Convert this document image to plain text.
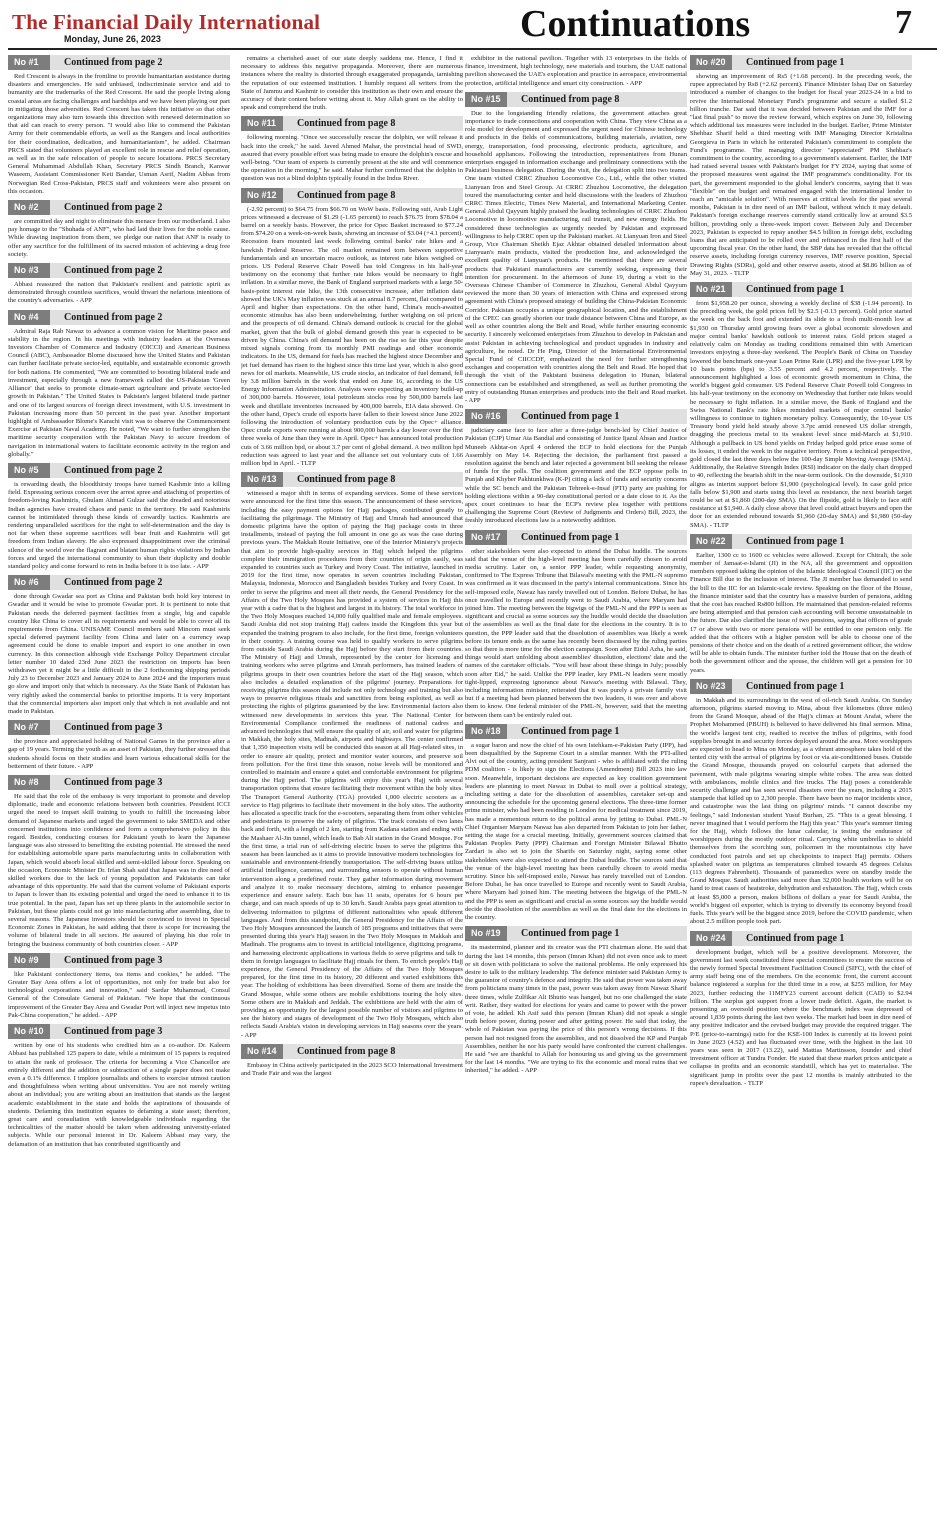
The Financial Daily International
Monday, June 26, 2023	Continuations	7
No #1	Continued from page 2
Red Crescent is always in the frontline to provide humanitarian assistance during disasters and emergencies. He said unbiased, indiscriminate service and aid to humanity are the trademarks of the Red Crescent. He said the people living along coastal areas are facing challenges and hardships and we have been playing our part in mitigating those adversities. Red Crescent has taken this initiative so that other organizations may also turn towards this direction with renewed determination so that aid can reach to every person. "I would also like to commend the Pakistan Army for their commendable efforts, as well as the Rangers and local authorities for their coordination, dedication, and humanitarianism", he added. Chairman PRCS stated that volunteers played an excellent role in rescue and relief operation, as well as in the safe relocation of people to secure locations. PRCS Secretary General Muhammad Abdullah Khan, Secretary PRCS Sindh Branch, Kanwar Waseem, Assistant Commissioner Keti Bandar, Usman Asrif, Nadim Abbas from Norwegian Red Cross-Pakistan, PRCS staff and volunteers were also present on this occasion.
No #2	Continued from page 2
are committed day and night to eliminate this menace from our motherland. I also pay homage to the "Shuhada of ANF", who had laid their lives for the noble cause. While drawing inspiration from them, we pledge our nation that ANF is ready to offer any sacrifice for the fulfillment of its sacred mission of achieving a drug free society.
No #3	Continued from page 2
Abbasi reassured the nation that Pakistan's resilient and patriotic spirit as demonstrated through countless sacrifices, would thwart the nefarious intentions of the country's adversaries. - APP
No #4	Continued from page 2
Admiral Raja Rab Nawaz to advance a common vision for Maritime peace and stability in the region. In his meetings with industry leaders at the Overseas Investors Chamber of Commerce and Industry (OICCI) and American Business Council (ABC), Ambassador Blome discussed how the United States and Pakistan can further facilitate private sector-led, equitable, and sustainable economic growth for both nations. He commented, "We are committed to boosting bilateral trade and investment, especially through a new framework called the US-Pakistan 'Green Alliance' that seeks to promote climate-smart agriculture and private sector-led growth in Pakistan." The United States is Pakistan's largest bilateral trade partner and one of its largest sources of foreign direct investment, with U.S. investment in Pakistan increasing more than 50 percent in the past year. Another important highlight of Ambassador Blome's Karachi visit was to observe the Commencement Exercise at Pakistan Naval Academy. He noted, "We want to further strengthen the maritime security cooperation with the Pakistan Navy to secure freedom of navigation in international waters to facilitate economic activity in the region and globally."
No #5	Continued from page 2
is rewarding death, the bloodthirsty troops have turned Kashmir into a killing field. Expressing serious concern over the arrest spree and attaching of properties of freedom-loving Kashmiris, Ghulam Ahmad Gulzar said the dreaded and notorious Indian agencies have created chaos and panic in the territory. He said Kashmiris cannot be intimidated through these kinds of cowardly tactics. Kashmiris are rendering unparalleled sacrifices for the right to self-determination and the day is not far when these supreme sacrifices will bear fruit and Kashmiris will get freedom from Indian slavery. He also expressed disappointment over the criminal silence of the world over the flagrant and blatant human rights violations by Indian forces and urged the international community to shun their duplicity and double standard policy and come forward to rein in India before it is too late. - APP
No #6	Continued from page 2
done through Gwadar sea port as China and Pakistan both hold key interest in Gwadar and it would be wise to promote Gwadar port. It is pertinent to note that Pakistan needs the deferred payment facilities from a single, big and capable country like China to cover all its requirements and would be able to cover all its requirements from China. UNISAME Council members said Mincom must seek special deferred payment facility from China and later on a currency swap agreement could be done to enable import and export to one another in own currency. In this connection although vide Exchange Policy Department circular letter number 10 dated 23rd June 2023 the restriction on imports has been withdrawn yet it might be a little difficult in the 2 forthcoming shipping periods July 23 to December 2023 and January 2024 to June 2024 and the importers must go slow and import only that which is necessary. As the State Bank of Pakistan has very rightly asked the commercial banks to prioritise imports. It is very important that the commercial importers also import only that which is not available and not made in Pakistan.
No #7	Continued from page 3
the province and appreciated holding of National Games in the province after a gap of 19 years. Terming the youth as an asset of Pakistan, they further stressed that students should focus on their studies and learn various educational skills for the betterment of their future. - APP
No #8	Continued from page 3
He said that the role of the embassy is very important to promote and develop diplomatic, trade and economic relations between both countries. President ICCI urged the need to impart skill training to youth to fulfill the increasing labor demand of Japanese markets and urged the government to take SMEDA and other concerned institutions into confidence and form a comprehensive policy in this regard. Besides, conducting courses for Pakistani youth to learn the Japanese language was also stressed to benefiting the existing potential. He stressed the need for establishing automobile spare parts manufacturing units in collaboration with Japan, which would absorb local skilled and semi-skilled labour force. Speaking on the occasion, Economic Minister Dr. Irfan Shah said that Japan was in dire need of skilled workers due to the lack of young population and Pakistanis can take advantage of this opportunity. He said that the current volume of Pakistani exports to Japan is lower than its existing potential and urged the need to enhance it to its true potential. In the past, Japan has set up three plants in the automobile sector in Pakistan, but these plants could not go into manufacturing after assembling, due to several reasons. The Japanese investors should be convinced to invest in Special Economic Zones in Pakistan, he said adding that there is scope for increasing the volume of bilateral trade in all sectors. He assured of playing his due role in bringing the business community of both countries closer. - APP
No #9	Continued from page 3
like Pakistani confectionery items, tea items and cookies," he added. "The Greater Bay Area offers a lot of opportunities, not only for trade but also for technological corporations and innovation," said Sardar Muhammad, Consul General of the Consulate General of Pakistan. "We hope that the continuous improvement of the Greater Bay Area and Gwadar Port will inject new impetus into Pak-China cooperation," he added. - APP
No #10	Continued from page 3
written by one of his students who credited him as a co-author. Dr. Kaleem Abbasi has published 125 papers to date, while a minimum of 15 papers is required to attain the rank of professor. The criteria for becoming a Vice Chancellor are entirely different and the addition or subtraction of a single paper does not make even a 0.1% difference. I implore journalists and others to exercise utmost caution and thoughtfulness when writing about universities. You are not merely writing about an individual; you are writing about an institution that stands as the largest academic establishment in the state and holds the aspirations of thousands of students. Defaming this institution equates to defaming a state asset; therefore, great care and consultation with knowledgeable individuals regarding the technicalities of the matter should be taken when addressing university-related subjects. While our personal interest in Dr. Kaleem Abbasi may vary, the defamation of an institution that has contributed significantly and
remains a cherished asset of our state deeply saddens me. Hence, I find it necessary to address this negative propaganda. Moreover, there are numerous instances where the reality is distorted through exaggerated propaganda, tarnishing the reputation of our esteemed institution. I humbly request all writers from the State of Jammu and Kashmir to consider this institution as their own and ensure the accuracy of their content before writing about it. May Allah grant us the ability to speak and comprehend the truth.
No #11	Continued from page 8
following morning. "Once we successfully rescue the dolphin, we will release it back into the creek," he said. Javed Ahmed Mahar, the provincial head of SWD, assured that every possible effort was being made to ensure the dolphin's rescue and well-being. "Our team of experts is currently present at the site and will commence the operation in the morning," he said. Mahar further confirmed that the dolphin in question was not a blind dolphin typically found in the Indus River.
No #12	Continued from page 8
(-2.92 percent) to $64.75 from $66.70 on WoW basis. Following suit, Arab Light prices witnessed a decrease of $1.29 (-1.65 percent) to reach $76.75 from $78.04 a barrel on a weekly basis. However, the price for Opec Basket increased to $77.24 from $74.20 on a week-on-week basis, showing an increase of $3.04 (+4.1 percent). Recession fears mounted last week following central banks' rate hikes and a hawkish Federal Reserve. The oil market remained torn between supportive fundamentals and an uncertain macro outlook, as interest rate hikes weighed on prices. US Federal Reserve Chair Powell has told Congress in his half-year testimony on the economy that further rate hikes would be necessary to fight inflation. In a similar move, the Bank of England surprised markets with a large 50-basis-point interest rate hike, the 13th consecutive increase, after inflation data showed the UK's May inflation was stuck at an annual 8.7 percent, flat compared to April and higher than expectations. On the other hand, China's much-awaited economic stimulus has also been underwhelming, further weighing on oil prices and the prospects of oil demand. China's demand outlook is crucial for the global market, given that the bulk of global demand growth this year is expected to be driven by China. China's oil demand has been on the rise so far this year despite mixed signals coming from its monthly PMI readings and other economic indicators. In the US, demand for fuels has reached the highest since December and jet fuel demand has risen to the highest since this time last year, which is also good news for oil markets. Meanwhile, US crude stocks, an indicator of fuel demand, fell by 3.8 million barrels in the week that ended on June 16, according to the US Energy Information Administration. Analysts were expecting an inventory build-up of 300,000 barrels. However, total petroleum stocks rose by 500,000 barrels last week and distillate inventories increased by 400,000 barrels, EIA data showed. On the other hand, Opec's crude oil exports have fallen to their lowest since June 2022 following the introduction of voluntary production cuts by the Opec+ alliance. Opec crude exports were running at about 900,000 barrels a day lower over the first three weeks of June than they were in April. Opec+ has announced total production cuts of 3.66 million bpd, or about 3.7 per cent of global demand. A two million bpd reduction was agreed to last year and the alliance set out voluntary cuts of 1.66 million bpd in April. - TLTP
No #13	Continued from page 8
witnessed a major shift in terms of expanding services. Some of these services were announced for the first time this season. The announcement of these services, including the easy payment options for Hajj packages, contributed greatly to facilitating the pilgrimage. The Ministry of Hajj and Umrah had announced that domestic pilgrims have the option of paying the Hajj package costs in three installments, instead of paying the full amount in one go as was the case during previous years. The Makkah Route Initiative, one of the Interior Ministry's projects that aim to provide high-quality services in Hajj which helped the pilgrims complete their immigration procedures from their countries of origin easily, was expanded to countries such as Turkey and Ivory Coast. The initiative, launched in 2019 for the first time, now operates in seven countries including Pakistan, Malaysia, Indonesia, Morocco and Bangladesh besides Turkey and Ivory Coast. In order to serve the pilgrims and meet all their needs, the General Presidency for the Affairs of the Two Holy Mosques has provided a system of services in Hajj this year with a cadre that is the highest and largest in its history. The total workforce in the Two Holy Mosques reached 14,000 fully qualified male and female employees. Saudi Arabia did not stop training Hajj cadres inside the Kingdom this year but expanded the training program to also include, for the first time, foreign volunteers in their country. A training course was held to qualify workers to serve pilgrims from outside Saudi Arabia during the Hajj before they start from their countries. The Ministry of Hajj and Umrah, represented by the center for licensing and training workers who serve pilgrims and Umrah performers, has trained leaders of pilgrims groups in their own countries before the start of the Hajj season, which also includes a detailed explanation of the pilgrims' journey. Preparations for receiving pilgrims this season did include not only technology and training but also ways to preserve religious rituals and sanctities from being exploited, as well as protecting the rights of pilgrims guaranteed by the law. Environmental factors also witnessed new developments in services this year. The National Center for Environmental Compliance confirmed the readiness of national cadres and advanced technologies that will ensure the quality of air, soil and water for pilgrims in Makkah, the holy sites, Madinah, airports and highways. The center confirmed that 1,350 inspection visits will be conducted this season at all Hajj-related sites, in order to ensure air quality, protect and monitor water sources, and preserve soil from pollution. For the first time this season, noise levels will be monitored and controlled to maintain and ensure a quiet and comfortable environment for pilgrims during the Hajj period. The pilgrims will enjoy this year's Hajj with several transportation options that ensure facilitating their movement within the holy sites. The Transport General Authority (TGA) provided 1,000 electric scooters as a service to Hajj pilgrims to facilitate their movement in the holy sites. The authority has allocated a specific track for the e-scooters, separating them from other vehicles and pedestrians to preserve the safety of pilgrims. The track consists of two lanes back and forth, with a length of 2 km, starting from Kadana station and ending with the Mashaer Al-Jin tunnel, which leads to Bab Ali station in the Grand Mosque. For the first time, a trial run of self-driving electric buses to serve the pilgrims this season has been launched as it aims to provide innovative modern technologies for sustainable and environment-friendly transportation. The self-driving buses utilize artificial intelligence, cameras, and surrounding sensors to operate without human intervention along a predefined route. They gather information during movement and analyze it to make necessary decisions, aiming to enhance passenger experience and ensure safety. Each bus has 11 seats, operates for 6 hours per charge, and can reach speeds of up to 30 km/h. Saudi Arabia pays great attention to delivering information to pilgrims of different nationalities who speak different languages. And from this standpoint, the General Presidency for the Affairs of the Two Holy Mosques announced the launch of 185 programs and initiatives that were presented during this year's Hajj season in the Two Holy Mosques in Makkah and Madinah. The programs aim to invest in artificial intelligence, digitizing programs, and harnessing electronic applications in various fields to serve pilgrims and talk to them in foreign languages to facilitate Hajj rituals for them. To enrich people's Hajj experience, the General Presidency of the Affairs of the Two Holy Mosques prepared, for the first time in its history, 20 different and varied exhibitions this year. The holding of exhibitions has been diversified. Some of them are inside the Grand Mosque, while some others are mobile exhibitions touring the holy sites. Some others are in Makkah and Jeddah. The exhibitions are held with the aim of providing an opportunity for the largest possible number of visitors and pilgrims to see the history and stages of development of the Two Holy Mosques, which also reflects Saudi Arabia's vision in developing services in Hajj seasons over the years. - APP
No #14	Continued from page 8
Embassy in China actively participated in the 2023 SCO International Investment and Trade Fair and was the largest
exhibitor in the national pavilion. Together with 13 enterprises in the fields of finance, investment, high technology, new materials and tourism, the UAE national pavilion showcased the UAE's exploration and practice in aerospace, environmental protection, artificial intelligence and smart city construction. - APP
No #15	Continued from page 8
Due to the longstanding friendly relations, the government attaches great importance to trade connections and cooperation with China. They view China as a role model for development and expressed the urgent need for Chinese technology and products in the fields of communications, building materials, aviation, new energy, transportation, food processing, electronic products, agriculture, and household appliances. Following the introduction, representatives from Hunan enterprises engaged in information exchange and preliminary connections with the Pakistani business delegation. During the visit, the delegation split into two teams. One team visited CRRC Zhuzhou Locomotive Co., Ltd., while the other visited Lianyuan Iron and Steel Group. At CRRC Zhuzhou Locomotive, the delegation toured the manufacturing center and held discussions with the leaders of Zhuzhou CRRC Times Electric, Times New Material, and International Marketing Center. General Abdul Qayyum highly praised the leading technologies of CRRC Zhuzhou Locomotive in locomotive manufacturing, rail transit, and new energy fields. He considered these technologies as urgently needed by Pakistan and expressed willingness to help CRRC open up the Pakistani market. At Lianyuan Iron and Steel Group, Vice Chairman Sheikh Ejaz Akhtar obtained detailed information about Lianyuan's main products, visited the production line, and acknowledged the excellent quality of Lianyuan's products. He mentioned that there are several products that Pakistani manufacturers are currently seeking, expressing their intention for procurement. In the afternoon of June 19, during a visit to the Overseas Chinese Chamber of Commerce in Zhuzhou, General Abdul Qayyum reviewed the more than 30 years of interaction with China and expressed strong agreement with China's proposed strategy of building the China-Pakistan Economic Corridor. Pakistan occupies a unique geographical location, and the establishment of the CPEC can greatly shorten our trade distance between China and Europe, as well as other countries along the Belt and Road, while further ensuring economic security. I sincerely welcomed enterprises from Zhuzhou to develop in Pakistan and assist Pakistan in achieving technological and product upgrades in industry and agriculture, he noted. Dr He Ping, Director of the International Environmental Special Fund of CIICCDF, emphasized the need for further strengthening exchanges and cooperation with countries along the Belt and Road. He hoped that through the visit of the Pakistani business delegation to Hunan, bilateral connections can be established and strengthened, as well as further promoting the entry of outstanding Hunan enterprises and products into the Belt and Road market. - APP
No #16	Continued from page 1
judiciary came face to face after a three-judge bench-led by Chief Justice of Pakistan (CJP) Umar Ata Bandial and consisting of Justice Ijazul Ahsan and Justice Muneeb Akhtar-on April 4 ordered the ECP to hold elections for the Punjab Assembly on May 14. Rejecting the decision, the parliament first passed a resolution against the bench and later rejected a government bill seeking the release of funds for the polls. The coalition government and the ECP oppose polls in Punjab and Khyber Pakhtunkhwa (K-P) citing a lack of funds and security concerns while the SC bench and the Pakistan Tehreek-e-Insaf (PTI) party are pushing for holding elections within a 90-day constitutional period or a date close to it. As the apex court continues to hear the ECP's review plea together with petitions challenging the Supreme Court (Review of Judgments and Orders) Bill, 2023, the freshly introduced elections law is a noteworthy addition.
No #17	Continued from page 1
other stakeholders were also expected to attend the Dubai huddle. The sources said that the venue of the high-level meeting has been carefully chosen to avoid media scrutiny. Later on, a senior PPP leader, while requesting anonymity, confirmed to The Express Tribune that Bilawal's meeting with the PML-N supremo was confirmed as it was discussed in the party's internal communications. Since his self-imposed exile, Nawaz has rarely travelled out of London. Before Dubai, he has once travelled to Europe and recently went to Saudi Arabia, where Maryam had joined him. The meeting between the bigwigs of the PML-N and the PPP is seen as significant and crucial as some sources say the huddle would decide the dissolution of the assemblies as well as the final date for the elections in the country. It is to question, the PPP leader said that the dissolution of assemblies was likely a week before its tenure ends as the same has recently been discussed by the ruling parties so that there is more time for the election campaign. Soon after Eidul Azha, he said, things would start unfolding about assemblies' dissolution, elections' date and the names of the caretaker officials. "You will hear about these things in July; possibly soon after Eid," he said. Unlike the PPP leader, key PML-N leaders were mostly tight-lipped, expressing ignorance about Nawaz's meeting with Bilawal. They, including information minister, reiterated that it was purely a private family visit but if a meeting had been planned between the two leaders, it was over and above them to know. One federal minister of the PML-N, however, said that the meeting between them can't be entirely ruled out.
No #18	Continued from page 1
a sugar baron and now the chief of his own Istehkam-e-Pakistan Party (IPP), had been disqualified by the Supreme Court in a similar manner. With the PTI-allied Alvi out of the country, acting president Sanjrani - who is affiliated with the ruling PDM coalition - is likely to sign the Elections (Amendment) Bill 2023 into law soon. Meanwhile, important decisions are expected as key coalition government leaders are planning to meet Nawaz in Dubai to mull over a political strategy, including setting a date for the dissolution of assemblies, caretaker set-up and announcing the schedule for the upcoming general elections. The three-time former prime minister, who had been residing in London for medical treatment since 2019, has made a momentous return to the political arena by jetting to Dubai. PML-N Chief Organiser Maryam Nawaz has also departed from Pakistan to join her father, setting the stage for a crucial meeting. Initially, government sources claimed that Pakistan Peoples Party (PPP) Chairman and Foreign Minister Bilawal Bhutto Zardari is also set to join the Sharifs on Saturday night, saying some other stakeholders were also expected to attend the Dubai huddle. The sources said that the venue of the high-level meeting has been carefully chosen to avoid media scrutiny. Since his self-imposed exile, Nawaz has rarely travelled out of London. Before Dubai, he has once travelled to Europe and recently went to Saudi Arabia, where Maryam had joined him. The meeting between the bigwigs of the PML-N and the PPP is seen as significant and crucial as some sources say the huddle would decide the dissolution of the assemblies as well as the final date for the elections in the country.
No #19	Continued from page 1
its mastermind, planner and its creator was the PTI chairman alone. He said that during the last 14 months, this person (Imran Khan) did not even once ask to meet or sit down with politicians to solve the national problems. He only expressed his desire to talk to the military leadership. The defence minister said Pakistan Army is the guarantor of country's defence and integrity. He said that power was taken away from politicians many times in the past, power was taken away from Nawaz Sharif three times, while Zulfikar Ali Bhutto was hanged, but no one challenged the state writ. Rather, they waited for elections for years and came to power with the power of vote, he added. Kh Asif said this person (Imran Khan) did not speak a single truth before power, during power and after getting power. He said that today, the whole of Pakistan was paying the price of this person's wrong decisions. If this person had not resigned from the assemblies, and not dissolved the KP and Punjab Assemblies, neither he nor his party would have confronted the current challenges. He said "we are thankful to Allah for honouring us and giving us the government for the last 14 months. "We are trying to fix the economic and moral ruins that we inherited," he added. - APP
No #20	Continued from page 1
showing an improvement of Rs5 (+1.68 percent). In the preceding week, the rupee appreciated by Rs8 (+2.62 percent). Finance Minister Ishaq Dar on Saturday introduced a number of changes to the budget for fiscal year 2023-24 in a bid to revive the International Monetary Fund's programme and secure a stalled $1.2 billion tranche. Dar said that it was decided between Pakistan and the IMF for a "last final push" to move the review forward, which expires on June 30, following which additional tax measures were included in the budget. Earlier, Prime Minister Shehbaz Sharif held a third meeting with IMF Managing Director Kristalina Georgieva in Paris in which he reiterated Pakistan's commitment to complete the Fund's programme. The managing director "appreciated" PM Shehbaz's commitment to the country, according to a government's statement. Earlier, the IMF had raised several issues with Pakistan's budget for FY 2024, saying that some of the proposed measures went against the IMF programme's conditionality. For its part, the government responded to the global lender's concerns, saying that it was "flexible" on the budget and remained engaged with the international lender to reach an "amicable solution". With reserves at critical levels for the past several months, Pakistan is in dire need of an IMF bailout, without which it may default. Pakistan's foreign exchange reserves currently stand critically low at around $3.5 billion, providing only a three-week import cover. Between July and December 2023, Pakistan is expected to repay another $4.5 billion in foreign debt, excluding loans that are anticipated to be rolled over and refinanced in the first half of the upcoming fiscal year. On the other hand, the SBP data has revealed that the official reserve assets, including foreign currency reserves, IMF reserve position, Special Drawing Rights (SDRs), gold and other reserve assets, stood at $8.86 billion as of May 31, 2023. - TLTP
No #21	Continued from page 1
from $1,958.20 per ounce, showing a weekly decline of $38 (-1.94 percent). In the preceding week, the gold prices fell by $2.5 (-0.13 percent). Gold price started the week on the back foot and extended its slide to a fresh multi-month low at $1,930 on Thursday amid growing fears over a global economic slowdown and major central banks' hawkish outlook to interest rates. Gold prices staged a relatively calm on Monday as trading conditions remained thin with American investors enjoying a three-day weekend. The People's Bank of China on Tuesday lowered the benchmark one-year Loan Prime Rate (LPR) and the five-year LPR by 10 basis points (bps) to 3.55 percent and 4.2 percent, respectively. The announcement highlighted a loss of economic growth momentum in China, the world's biggest gold consumer. US Federal Reserve Chair Powell told Congress in his half-year testimony on the economy on Wednesday that further rate hikes would be necessary to fight inflation. In a similar move, the Bank of England and the Swiss National Bank's rate hikes reminded markets of major central banks' willingness to continue to tighten monetary policy. Consequently, the 10-year US Treasury bond yield held steady above 3.7pc amid renewed US dollar strength, dragging the precious metal to its weakest level since mid-March at $1,910. Although a pullback in US bond yields on Friday helped gold price erase some of its losses, it ended the week in the negative territory. From a technical perspective, gold closed the last three days below the 100-day Simple Moving Average (SMA). Additionally, the Relative Strength Index (RSI) indicator on the daily chart dropped to 40, reflecting the bearish shift in the near-term outlook. On the downside, $1,910 aligns as interim support before $1,900 (psychological level). In case gold price falls below $1,900 and starts using this level as resistance, the next bearish target could be set at $1,860 (200-day SMA). On the flipside, gold is likely to face stiff resistance at $1,940. A daily close above that level could attract buyers and open the door for an extended rebound towards $1,960 (20-day SMA) and $1,980 (50-day SMA). - TLTP
No #22	Continued from page 1
Earlier, 1300 cc to 1600 cc vehicles were allowed. Except for Chitrali, the sole member of Jamaat-e-Islami (JI) in the NA, all the government and opposition members opposed taking the opinion of the Islamic Ideological Council (IIC) on the Finance Bill due to the inclusion of interest. The JI member has demanded to send the bill to the IIC for an Islamic-scale review. Speaking on the floor of the House, the finance minister said that the country has a massive burden of pensions, adding that the cost has reached Rs800 billion. He maintained that pension-related reforms are being attempted and that pension cash accounting will become unsustainable in the future. Dar also clarified the issue of two pensions, saying that officers of grade 17 or above with two or more pensions will be entitled to one pension only. He added that the officers with a higher pension will be able to choose one of the pensions of their choice and on the death of a retired government officer, the widow will be able to obtain funds. The minister further told the House that on the death of both the government officer and the spouse, the children will get a pension for 10 years.
No #23	Continued from page 1
in Makkah and its surroundings in the west of oil-rich Saudi Arabia. On Sunday afternoon, pilgrims started moving to Mina, about five kilometres (three miles) from the Grand Mosque, ahead of the Hajj's climax at Mount Arafat, where the Prophet Mohammed (PBUH) is believed to have delivered his final sermon. Mina, the world's largest tent city, readied to receive the influx of pilgrims, with food supplies brought in and security forces deployed around the area. More worshippers are expected to head to Mina on Monday, as a vibrant atmosphere takes hold of the tented city with the arrival of pilgrims by foot or via air-conditioned buses. Outside the Grand Mosque, thousands prayed on colourful carpets that adorned the pavement, with male pilgrims wearing simple white robes. The area was dotted with ambulances, mobile clinics and fire trucks. The Hajj poses a considerable security challenge and has seen several disasters over the years, including a 2015 stampede that killed up to 2,300 people. There have been no major incidents since, and catastrophe was the last thing on pilgrims' minds. "I cannot describe my feelings," said Indonesian student Yusuf Burhan, 25. "This is a great blessing. I never imagined that I would perform the Hajj this year." This year's summer timing for the Hajj, which follows the lunar calendar, is testing the endurance of worshippers during the mostly outdoor ritual. Carrying white umbrellas to shield themselves from the scorching sun, policemen in the mountainous city have conducted foot patrols and set up checkpoints to inspect Hajj permits. Others splashed water on pilgrims as temperatures climbed towards 45 degrees Celsius (113 degrees Fahrenheit). Thousands of paramedics were on standby inside the Grand Mosque. Saudi authorities said more than 32,000 health workers will be on hand to treat cases of heatstroke, dehydration and exhaustion. The Hajj, which costs at least $5,000 a person, makes billions of dollars a year for Saudi Arabia, the world's biggest oil exporter, which is trying to diversify its economy beyond fossil fuels. This year's will be the biggest since 2019, before the COVID pandemic, when about 2.5 million people took part.
No #24	Continued from page 1
development budget, which will be a positive development. Moreover, the government last week constituted three special committees to ensure the success of the newly formed Special Investment Facilitation Council (SIFC), with the chief of army staff being one of the members. On the economic front, the current account balance registered a surplus for the third time in a row, at $255 million, for May 2023, further reducing the 11MFY23 current account deficit (CAD) to $2.94 billion. The surplus got support from a lower trade deficit. Again, the market is presenting an oversold position where the benchmark index was depressed of around 1,839 points during the last two weeks. The market had been in dire need of any positive indicator and the revised budget may provide the required trigger. The P/E (price-to-earnings) ratio for the KSE-100 Index is currently at its lowest point in June 2023 (4.52) and has fluctuated over time, with the highest in the last 10 years was seen in 2017 (13.22), said Mattias Martinsson, founder and chief investment officer at Tundra Fonder. He stated that these market prices anticipate a collapse in profits and an economic standstill, which has yet to materialise. The significant jump in profits over the past 12 months is mainly attributed to the rupee's devaluation. - TLTP
